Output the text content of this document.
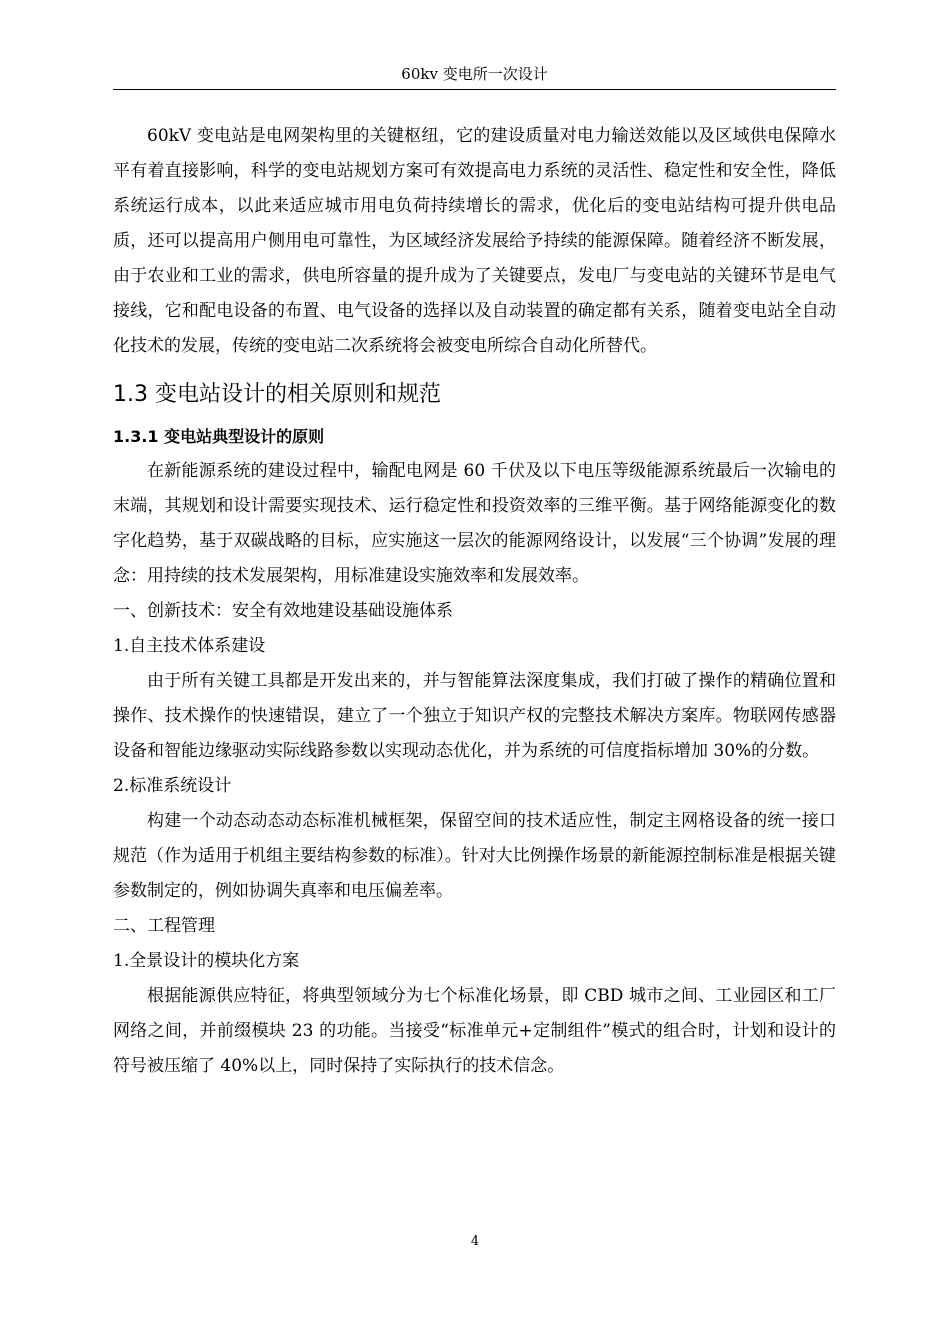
60kv 变电所一次设计

60kV 变电站是电网架构里的关键枢纽，它的建设质量对电力输送效能以及区域供电保障水平有着直接影响，科学的变电站规划方案可有效提高电力系统的灵活性、稳定性和安全性，降低系统运行成本，以此来适应城市用电负荷持续增长的需求，优化后的变电站结构可提升供电品质，还可以提高用户侧用电可靠性，为区域经济发展给予持续的能源保障。随着经济不断发展，由于农业和工业的需求，供电所容量的提升成为了关键要点，发电厂与变电站的关键环节是电气接线，它和配电设备的布置、电气设备的选择以及自动装置的确定都有关系，随着变电站全自动化技术的发展，传统的变电站二次系统将会被变电所综合自动化所替代。

1.3 变电站设计的相关原则和规范
1.3.1 变电站典型设计的原则

在新能源系统的建设过程中，输配电网是 60 千伏及以下电压等级能源系统最后一次输电的末端，其规划和设计需要实现技术、运行稳定性和投资效率的三维平衡。基于网络能源变化的数字化趋势，基于双碳战略的目标，应实施这一层次的能源网络设计，以发展“三个协调”发展的理念：用持续的技术发展架构，用标准建设实施效率和发展效率。

一、创新技术：安全有效地建设基础设施体系

1.自主技术体系建设

由于所有关键工具都是开发出来的，并与智能算法深度集成，我们打破了操作的精确位置和操作、技术操作的快速错误，建立了一个独立于知识产权的完整技术解决方案库。物联网传感器设备和智能边缘驱动实际线路参数以实现动态优化，并为系统的可信度指标增加 30%的分数。

2.标准系统设计

构建一个动态动态动态标准机械框架，保留空间的技术适应性，制定主网格设备的统一接口规范（作为适用于机组主要结构参数的标准）。针对大比例操作场景的新能源控制标准是根据关键参数制定的，例如协调失真率和电压偏差率。

二、工程管理

1.全景设计的模块化方案

根据能源供应特征，将典型领域分为七个标准化场景，即 CBD 城市之间、工业园区和工厂网络之间，并前缀模块 23 的功能。当接受“标准单元+定制组件”模式的组合时，计划和设计的符号被压缩了 40%以上，同时保持了实际执行的技术信念。

4
